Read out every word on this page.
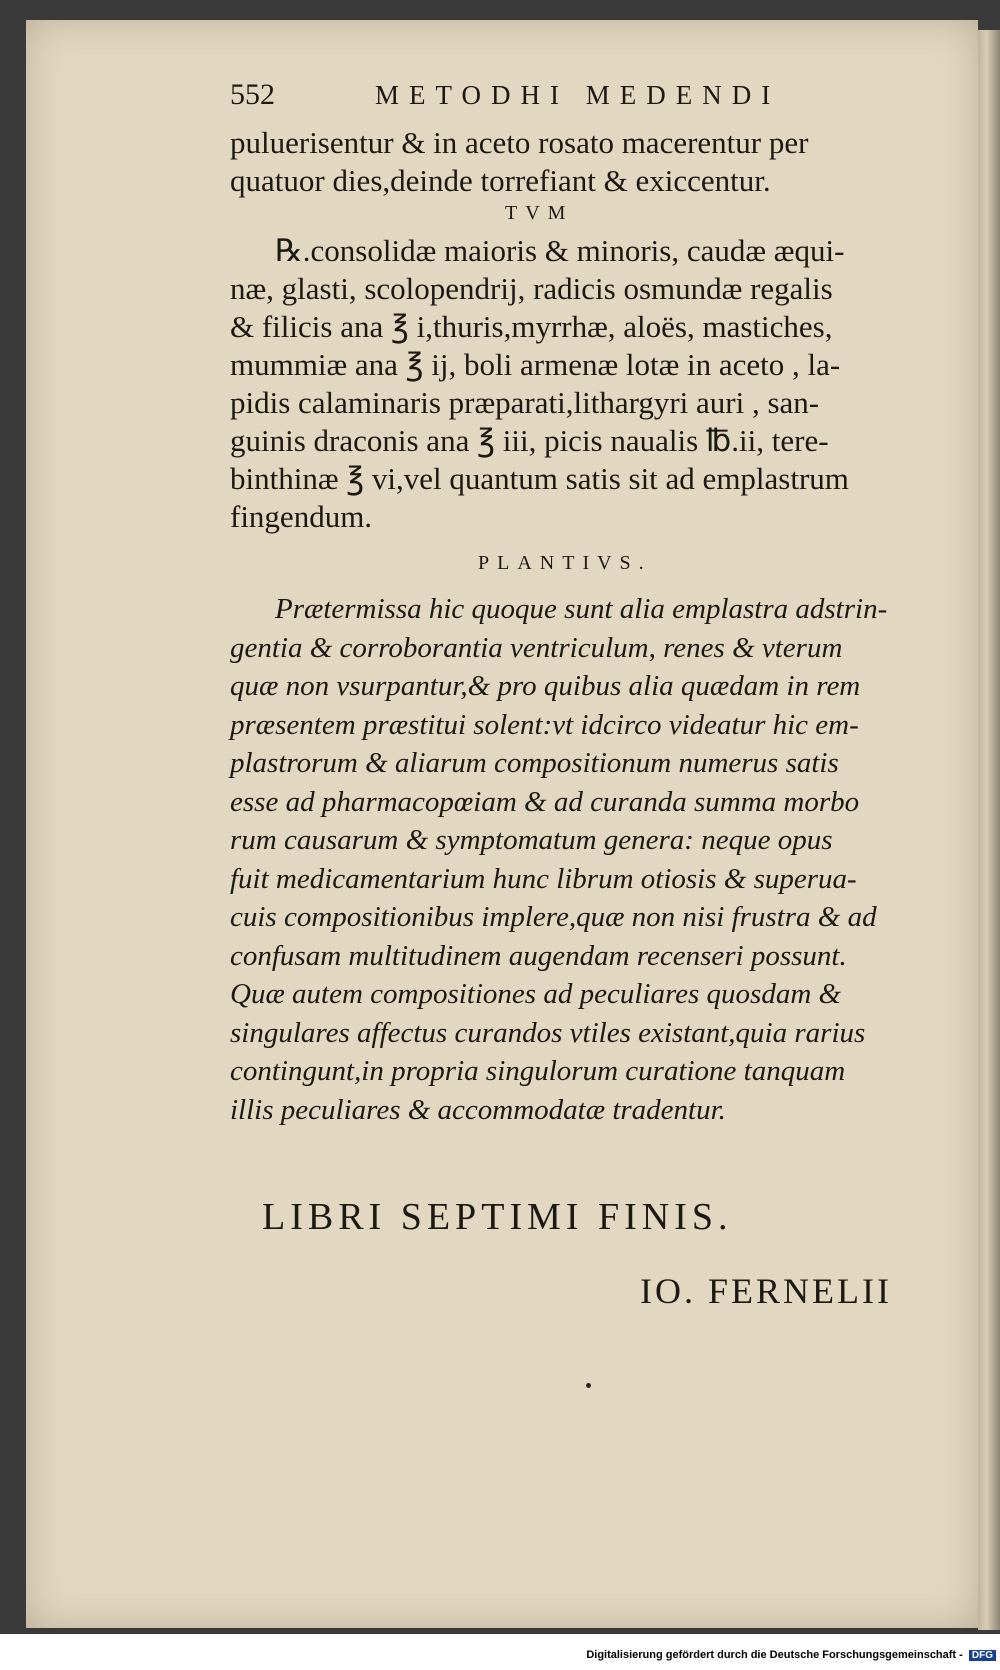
552	METODHI MEDENDI
puluerisentur & in aceto rosato macerentur per
quatuor dies,deinde torrefiant & exiccentur.
TVM
℞.consolidæ maioris & minoris, caudæ æqui-
næ, glasti, scolopendrij, radicis osmundæ regalis
& filicis ana ℥ i,thuris,myrrhæ, aloës, mastiches,
mummiæ ana ℥ ij, boli armenæ lotæ in aceto , la-
pidis calaminaris præparati,lithargyri auri , san-
guinis draconis ana ℥ iii, picis naualis ℔.ii, tere-
binthinæ ℥ vi,vel quantum satis sit ad emplastrum
fingendum.
PLANTIVS.
Prætermissa hic quoque sunt alia emplastra adstrin-
gentia & corroborantia ventriculum, renes & vterum
quæ non vsurpantur,& pro quibus alia quædam in rem
præsentem præstitui solent:vt idcirco videatur hic em-
plastrorum & aliarum compositionum numerus satis
esse ad pharmacopœiam & ad curanda summa morbo
rum causarum & symptomatum genera: neque opus
fuit medicamentarium hunc librum otiosis & superua-
cuis compositionibus implere,quæ non nisi frustra & ad
confusam multitudinem augendam recenseri possunt.
Quæ autem compositiones ad peculiares quosdam &
singulares affectus curandos vtiles existant,quia rarius
contingunt,in propria singulorum curatione tanquam
illis peculiares & accommodatæ tradentur.
LIBRI SEPTIMI FINIS.
IO. FERNELII
Digitalisierung gefördert durch die Deutsche Forschungsgemeinschaft - DFG
